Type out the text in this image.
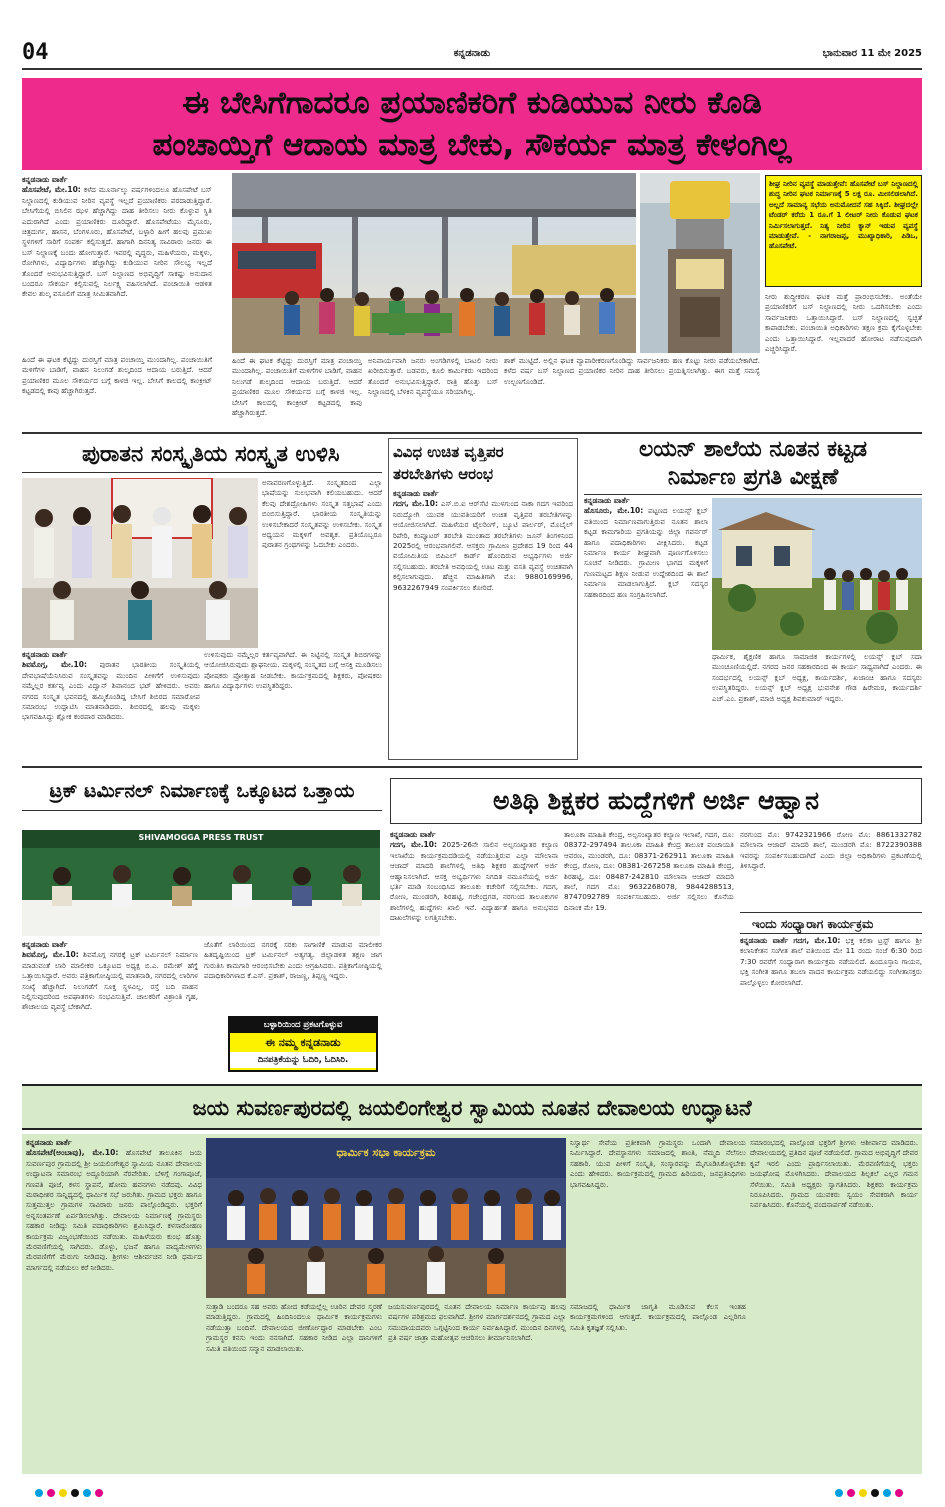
04	ಕನ್ನಡನಾಡು	ಭಾನುವಾರ 11 ಮೇ 2025
ಈ ಬೇಸಿಗೆಗಾದರೂ ಪ್ರಯಾಣಿಕರಿಗೆ ಕುಡಿಯುವ ನೀರು ಕೊಡಿ
ಪಂಚಾಯ್ತಿಗೆ ಆದಾಯ ಮಾತ್ರ ಬೇಕು, ಸೌಕರ್ಯ ಮಾತ್ರ ಕೇಳಂಗಿಲ್ಲ

ಕನ್ನಡನಾಡು ವಾರ್ತೆ
ಹೊಸಪೇಟೆ, ಮೇ.10: ಕಳೆದ ಮೂರ್ನಾಲ್ಕು ವರ್ಷಗಳಿಂದಲೂ ಹೊಸಪೇಟೆ ಬಸ್ ನಿಲ್ದಾಣದಲ್ಲಿ ಕುಡಿಯುವ ನೀರಿನ ವ್ಯವಸ್ಥೆ ಇಲ್ಲದೆ ಪ್ರಯಾಣಿಕರು ಪರದಾಡುತ್ತಿದ್ದಾರೆ. ಬೇಸಿಗೆಯಲ್ಲಿ ಬಿಸಿಲಿನ ಝಳ ಹೆಚ್ಚಾಗಿದ್ದು ದಾಹ ತೀರಿಸಲು ನೀರು ಕೊಳ್ಳುವ ಸ್ಥಿತಿ ಎದುರಾಗಿದೆ ಎಂದು ಪ್ರಯಾಣಿಕರು ದೂರಿದ್ದಾರೆ. ಹೊಸಪೇಟೆಯು ಮೈಸೂರು, ಚಿತ್ರದುರ್ಗ, ಹಾಸನ, ಬೆಂಗಳೂರು, ಹೊಸಪೇಟೆ, ಬಳ್ಳಾರಿ ಹೀಗೆ ಹಲವು ಪ್ರಮುಖ ಸ್ಥಳಗಳಿಗೆ ಸಾರಿಗೆ ಸಂಪರ್ಕ ಕಲ್ಪಿಸುತ್ತದೆ. ಹಾಗಾಗಿ ದಿನನಿತ್ಯ ಸಾವಿರಾರು ಜನರು ಈ ಬಸ್ ನಿಲ್ದಾಣಕ್ಕೆ ಬಂದು ಹೋಗುತ್ತಾರೆ. ಇವರಲ್ಲಿ ವೃದ್ಧರು, ಮಹಿಳೆಯರು, ಮಕ್ಕಳು, ರೋಗಿಗಳು, ವಿದ್ಯಾರ್ಥಿಗಳು ಹೆಚ್ಚಾಗಿದ್ದು ಕುಡಿಯುವ ನೀರಿನ ಸೌಲಭ್ಯ ಇಲ್ಲದೆ ತೊಂದರೆ ಅನುಭವಿಸುತ್ತಿದ್ದಾರೆ. ಬಸ್ ನಿಲ್ದಾಣದ ಅಭಿವೃದ್ಧಿಗೆ ಸಾಕಷ್ಟು ಅನುದಾನ ಬಂದರೂ ಸೌಕರ್ಯ ಕಲ್ಪಿಸುವಲ್ಲಿ ನಿರ್ಲಕ್ಷ್ಯ ವಹಿಸಲಾಗಿದೆ. ಪಂಚಾಯಿತಿ ಆಡಳಿತ ಕೇವಲ ಶುಲ್ಕ ವಸೂಲಿಗೆ ಮಾತ್ರ ಸೀಮಿತವಾಗಿದೆ.

ಶೀಘ್ರ ನೀರಿನ ವ್ಯವಸ್ಥೆ ಮಾಡುತ್ತೇವೆ: ಹೊಸಪೇಟೆ ಬಸ್ ನಿಲ್ದಾಣದಲ್ಲಿ ಶುದ್ಧ ನೀರಿನ ಘಟಕ ನಿರ್ಮಾಣಕ್ಕೆ 5 ಲಕ್ಷ ರೂ. ಮೀಸಲಿಡಲಾಗಿದೆ. ಅಲ್ಲದೆ ಸಾಮಾನ್ಯ ಸಭೆಯ ಅನುಮೋದನೆ ಸಹ ಸಿಕ್ಕಿದೆ. ಶೀಘ್ರದಲ್ಲೇ ಟೆಂಡರ್ ಕರೆದು 1 ರೂ.ಗೆ 1 ಲೀಟರ್ ನೀರು ಕೊಡುವ ಘಟಕ ನಿರ್ಮಿಸಲಾಗುತ್ತದೆ. ನಿತ್ಯ ನೀರಿನ ಕ್ಯಾನ್ ಇಡುವ ವ್ಯವಸ್ಥೆ ಮಾಡುತ್ತೇವೆ. - ನಾಗರಾಜಪ್ಪ, ಮುಖ್ಯಾಧಿಕಾರಿ, ಪಿಡಿಒ, ಹೊಸಪೇಟೆ.
ನೀರು ಶುದ್ಧೀಕರಣ ಘಟಕ ಮತ್ತೆ ಪ್ರಾರಂಭಿಸಬೇಕು. ಅಂತೆಯೇ ಪ್ರಯಾಣಿಕರಿಗೆ ಬಸ್ ನಿಲ್ದಾಣದಲ್ಲಿ ನೀರು ಒದಗಿಸಬೇಕು ಎಂದು ಸಾರ್ವಜನಿಕರು ಒತ್ತಾಯಿಸಿದ್ದಾರೆ. ಬಸ್ ನಿಲ್ದಾಣದಲ್ಲಿ ಸ್ವಚ್ಛತೆ ಕಾಪಾಡಬೇಕು. ಪಂಚಾಯಿತಿ ಅಧಿಕಾರಿಗಳು ತಕ್ಷಣ ಕ್ರಮ ಕೈಗೊಳ್ಳಬೇಕು ಎಂದು ಒತ್ತಾಯಿಸಿದ್ದಾರೆ. ಇಲ್ಲವಾದರೆ ಹೋರಾಟ ನಡೆಸುವುದಾಗಿ ಎಚ್ಚರಿಸಿದ್ದಾರೆ.
ಹಿಂದೆ ಈ ಘಟಕ ಕೆಟ್ಟಿದ್ದು ದುರಸ್ತಿಗೆ ಮಾತ್ರ ಪಂಚಾಯ್ತಿ ಮುಂದಾಗಿಲ್ಲ. ಪಂಚಾಯಿತಿಗೆ ಮಳಿಗೆಗಳ ಬಾಡಿಗೆ, ವಾಹನ ನಿಲುಗಡೆ ಶುಲ್ಕದಿಂದ ಆದಾಯ ಬರುತ್ತಿದೆ. ಆದರೆ ಪ್ರಯಾಣಿಕರ ಮೂಲ ಸೌಕರ್ಯದ ಬಗ್ಗೆ ಕಾಳಜಿ ಇಲ್ಲ. ಬೇಸಿಗೆ ಕಾಲದಲ್ಲಿ ಕಾಂಕ್ರೀಟ್ ಕಟ್ಟಡದಲ್ಲಿ ಕಾವು ಹೆಚ್ಚಾಗಿರುತ್ತದೆ.
ಹಿಂದೆ ಈ ಘಟಕ ಕೆಟ್ಟಿದ್ದು ದುರಸ್ತಿಗೆ ಮಾತ್ರ ಪಂಚಾಯ್ತಿ ಮುಂದಾಗಿಲ್ಲ. ಪಂಚಾಯಿತಿಗೆ ಮಳಿಗೆಗಳ ಬಾಡಿಗೆ, ವಾಹನ ನಿಲುಗಡೆ ಶುಲ್ಕದಿಂದ ಆದಾಯ ಬರುತ್ತಿದೆ. ಆದರೆ ಪ್ರಯಾಣಿಕರ ಮೂಲ ಸೌಕರ್ಯದ ಬಗ್ಗೆ ಕಾಳಜಿ ಇಲ್ಲ. ಬೇಸಿಗೆ ಕಾಲದಲ್ಲಿ ಕಾಂಕ್ರೀಟ್ ಕಟ್ಟಡದಲ್ಲಿ ಕಾವು ಹೆಚ್ಚಾಗಿರುತ್ತದೆ.
ಅನಿವಾರ್ಯವಾಗಿ ಜನರು ಅಂಗಡಿಗಳಲ್ಲಿ ಬಾಟಲಿ ನೀರು ಖರೀದಿಸುತ್ತಾರೆ. ಬಡವರು, ಕೂಲಿ ಕಾರ್ಮಿಕರು ಇದರಿಂದ ತೊಂದರೆ ಅನುಭವಿಸುತ್ತಿದ್ದಾರೆ. ರಾತ್ರಿ ಹೊತ್ತು ಬಸ್ ನಿಲ್ದಾಣದಲ್ಲಿ ಬೆಳಕಿನ ವ್ಯವಸ್ಥೆಯೂ ಸರಿಯಾಗಿಲ್ಲ.
ಶಾಕ್ ಮುಟ್ಟಿದೆ. ಅಲ್ಲಿನ ಘಟಕ ವ್ಯಾಪಾರೀಕರಣಗೊಂಡಿದ್ದು ಸಾರ್ವಜನಿಕರು ಹಣ ಕೊಟ್ಟು ನೀರು ಪಡೆಯಬೇಕಾಗಿದೆ. ಕಳೆದ ವರ್ಷ ಬಸ್ ನಿಲ್ದಾಣದ ಪ್ರಯಾಣಿಕರ ನೀರಿನ ದಾಹ ತೀರಿಸಲು ಪ್ರಯತ್ನಿಸಲಾಗಿತ್ತು. ಈಗ ಮತ್ತೆ ಸಮಸ್ಯೆ ಉಲ್ಬಣಗೊಂಡಿದೆ.
ಪುರಾತನ ಸಂಸ್ಕೃತಿಯ ಸಂಸ್ಕೃತ ಉಳಿಸಿ
ಅನಾವರಣಗೊಳ್ಳುತ್ತಿದೆ. ಸಂಸ್ಕೃತದಿಂದ ಎಲ್ಲಾ ಭಾಷೆಯನ್ನು ಸುಲಭವಾಗಿ ಕಲಿಯಬಹುದು. ಆದರೆ ಕೆಲವು ದೇಶದ್ರೋಹಿಗಳು ಸಂಸ್ಕೃತ ಸತ್ತಭಾಷೆ ಎಂದು ಬಿಂಬಿಸುತ್ತಿದ್ದಾರೆ. ಭಾರತೀಯ ಸಂಸ್ಕೃತಿಯನ್ನು ಉಳಿಸಬೇಕಾದರೆ ಸಂಸ್ಕೃತವನ್ನು ಉಳಿಸಬೇಕು. ಸಂಸ್ಕೃತ ಅಧ್ಯಯನ ಮಕ್ಕಳಿಗೆ ಅವಶ್ಯಕ. ಪ್ರತಿಯೊಬ್ಬರೂ ಪುರಾತನ ಗ್ರಂಥಗಳನ್ನು ಓದಬೇಕು ಎಂದರು.

ಕನ್ನಡನಾಡು ವಾರ್ತೆ
ಶಿವಮೊಗ್ಗ, ಮೇ.10: ಪುರಾತನ ಭಾರತೀಯ ಸಂಸ್ಕೃತಿಯಲ್ಲಿ ದೇವಭಾಷೆಯೆನಿಸಿರುವ ಸಂಸ್ಕೃತವನ್ನು ಮುಂದಿನ ಪೀಳಿಗೆಗೆ ಉಳಿಸುವುದು ನಮ್ಮೆಲ್ಲರ ಕರ್ತವ್ಯ ಎಂದು ವಿದ್ವಾನ್ ಶಿವಾನಂದ ಭಟ್ ಹೇಳಿದರು. ಅವರು ನಗರದ ಸಂಸ್ಕೃತ ಭವನದಲ್ಲಿ ಹಮ್ಮಿಕೊಂಡಿದ್ದ ಬೇಸಿಗೆ ಶಿಬಿರದ ಸಮಾರೋಪ ಸಮಾರಂಭ ಉದ್ಘಾಟಿಸಿ ಮಾತನಾಡಿದರು. ಶಿಬಿರದಲ್ಲಿ ಹಲವು ಮಕ್ಕಳು ಭಾಗವಹಿಸಿದ್ದು ಶ್ಲೋಕ ಕಂಠಪಾಠ ಮಾಡಿದರು.

ಉಳಿಸುವುದು ನಮ್ಮೆಲ್ಲರ ಕರ್ತವ್ಯವಾಗಿದೆ. ಈ ನಿಟ್ಟಿನಲ್ಲಿ ಸಂಸ್ಕೃತ ಶಿಬಿರಗಳನ್ನು ಆಯೋಜಿಸಿರುವುದು ಶ್ಲಾಘನೀಯ. ಮಕ್ಕಳಲ್ಲಿ ಸಂಸ್ಕೃತದ ಬಗ್ಗೆ ಆಸಕ್ತಿ ಮೂಡಿಸಲು ಪೋಷಕರು ಪ್ರೋತ್ಸಾಹ ನೀಡಬೇಕು. ಕಾರ್ಯಕ್ರಮದಲ್ಲಿ ಶಿಕ್ಷಕರು, ಪೋಷಕರು ಹಾಗೂ ವಿದ್ಯಾರ್ಥಿಗಳು ಉಪಸ್ಥಿತರಿದ್ದರು.
ವಿವಿಧ ಉಚಿತ ವೃತ್ತಿಪರ
ತರಬೇತಿಗಳು ಆರಂಭ

ಕನ್ನಡನಾಡು ವಾರ್ತೆ
ಗದಗ, ಮೇ.10: ಎಸ್.ಬಿ.ಐ ಆರ್‌ಸೆಟಿ ಮುಳಗುಂದ ನಾಕಾ ಗದಗ ಇವರಿಂದ ನಿರುದ್ಯೋಗಿ ಯುವಕ ಯುವತಿಯರಿಗೆ ಉಚಿತ ವೃತ್ತಿಪರ ತರಬೇತಿಗಳನ್ನು ಆಯೋಜಿಸಲಾಗಿದೆ. ಮಹಿಳೆಯರ ಟೈಲರಿಂಗ್, ಬ್ಯೂಟಿ ಪಾರ್ಲರ್, ಮೊಬೈಲ್ ರಿಪೇರಿ, ಕಂಪ್ಯೂಟರ್ ತರಬೇತಿ ಮುಂತಾದ ತರಬೇತಿಗಳು ಜೂನ್ ತಿಂಗಳಿನಿಂದ 2025ರಲ್ಲಿ ಆರಂಭವಾಗಲಿವೆ. ಆಸಕ್ತರು ಗ್ರಾಮೀಣ ಪ್ರದೇಶದ 19 ರಿಂದ 44 ವಯೋಮಿತಿಯ ಬಿಪಿಎಲ್ ಕಾರ್ಡ್ ಹೊಂದಿರುವ ಅಭ್ಯರ್ಥಿಗಳು ಅರ್ಜಿ ಸಲ್ಲಿಸಬಹುದು. ತರಬೇತಿ ಅವಧಿಯಲ್ಲಿ ಊಟ ಮತ್ತು ವಸತಿ ವ್ಯವಸ್ಥೆ ಉಚಿತವಾಗಿ ಕಲ್ಪಿಸಲಾಗುವುದು. ಹೆಚ್ಚಿನ ಮಾಹಿತಿಗಾಗಿ ಮೊ: 9880169996, 9632267949 ಸಂಪರ್ಕಿಸಲು ಕೋರಿದೆ.

ಲಯನ್ ಶಾಲೆಯ ನೂತನ ಕಟ್ಟಡ
ನಿರ್ಮಾಣ ಪ್ರಗತಿ ವೀಕ್ಷಣೆ

ಕನ್ನಡನಾಡು ವಾರ್ತೆ
ಹೊಸೂರು, ಮೇ.10: ಪಟ್ಟಣದ ಲಯನ್ಸ್ ಕ್ಲಬ್ ವತಿಯಿಂದ ನಿರ್ಮಾಣವಾಗುತ್ತಿರುವ ನೂತನ ಶಾಲಾ ಕಟ್ಟಡ ಕಾಮಗಾರಿಯ ಪ್ರಗತಿಯನ್ನು ಜಿಲ್ಲಾ ಗವರ್ನರ್ ಹಾಗೂ ಪದಾಧಿಕಾರಿಗಳು ವೀಕ್ಷಿಸಿದರು. ಕಟ್ಟಡ ನಿರ್ಮಾಣ ಕಾರ್ಯ ಶೀಘ್ರವಾಗಿ ಪೂರ್ಣಗೊಳಿಸಲು ಸೂಚನೆ ನೀಡಿದರು. ಗ್ರಾಮೀಣ ಭಾಗದ ಮಕ್ಕಳಿಗೆ ಗುಣಮಟ್ಟದ ಶಿಕ್ಷಣ ನೀಡುವ ಉದ್ದೇಶದಿಂದ ಈ ಶಾಲೆ ನಿರ್ಮಾಣ ಮಾಡಲಾಗುತ್ತಿದೆ. ಕ್ಲಬ್ ಸದಸ್ಯರ ಸಹಕಾರದಿಂದ ಹಣ ಸಂಗ್ರಹಿಸಲಾಗಿದೆ.

ಧಾರ್ಮಿಕ, ಶೈಕ್ಷಣಿಕ ಹಾಗೂ ಸಾಮಾಜಿಕ ಕಾರ್ಯಗಳಲ್ಲಿ ಲಯನ್ಸ್ ಕ್ಲಬ್ ಸದಾ ಮುಂಚೂಣಿಯಲ್ಲಿದೆ. ನಗರದ ಜನರ ಸಹಕಾರದಿಂದ ಈ ಕಾರ್ಯ ಸಾಧ್ಯವಾಗಿದೆ ಎಂದರು. ಈ ಸಂದರ್ಭದಲ್ಲಿ ಲಯನ್ಸ್ ಕ್ಲಬ್ ಅಧ್ಯಕ್ಷ, ಕಾರ್ಯದರ್ಶಿ, ಖಜಾಂಚಿ ಹಾಗೂ ಸದಸ್ಯರು ಉಪಸ್ಥಿತರಿದ್ದರು. ಲಯನ್ಸ್ ಕ್ಲಬ್ ಅಧ್ಯಕ್ಷ ಭುವನೇಶ ಗೌಡ ಹಿರೇಮಠ, ಕಾರ್ಯದರ್ಶಿ ಎಚ್.ಎಂ. ಪ್ರಕಾಶ್, ಮಾಜಿ ಅಧ್ಯಕ್ಷ ಶಿವಕುಮಾರ್ ಇದ್ದರು.
ಟ್ರಕ್ ಟರ್ಮಿನಲ್ ನಿರ್ಮಾಣಕ್ಕೆ ಒಕ್ಕೂಟದ ಒತ್ತಾಯ
SHIVAMOGGA PRESS TRUST

ಕನ್ನಡನಾಡು ವಾರ್ತೆ
ಶಿವಮೊಗ್ಗ, ಮೇ.10: ಶಿವಮೊಗ್ಗ ನಗರಕ್ಕೆ ಟ್ರಕ್ ಟರ್ಮಿನಲ್ ನಿರ್ಮಾಣ ಮಾಡುವಂತೆ ಲಾರಿ ಮಾಲೀಕರ ಒಕ್ಕೂಟದ ಅಧ್ಯಕ್ಷ ಬಿ.ಎ. ರಮೇಶ್ ಹೆಗ್ಡೆ ಒತ್ತಾಯಿಸಿದ್ದಾರೆ. ಅವರು ಪತ್ರಿಕಾಗೋಷ್ಠಿಯಲ್ಲಿ ಮಾತನಾಡಿ, ನಗರದಲ್ಲಿ ಲಾರಿಗಳ ಸಂಖ್ಯೆ ಹೆಚ್ಚಾಗಿದೆ. ನಿಲುಗಡೆಗೆ ಸೂಕ್ತ ಸ್ಥಳವಿಲ್ಲ. ರಸ್ತೆ ಬದಿ ವಾಹನ ನಿಲ್ಲಿಸುವುದರಿಂದ ಅಪಘಾತಗಳು ಸಂಭವಿಸುತ್ತಿವೆ. ಚಾಲಕರಿಗೆ ವಿಶ್ರಾಂತಿ ಗೃಹ, ಶೌಚಾಲಯ ವ್ಯವಸ್ಥೆ ಬೇಕಾಗಿದೆ.

ಜೊತೆಗೆ ಲಾರಿಯಿಂದ ನಗರಕ್ಕೆ ಸರಕು ಸಾಗಾಣಿಕೆ ಮಾಡುವ ಮಾಲೀಕರ ಹಿತದೃಷ್ಟಿಯಿಂದ ಟ್ರಕ್ ಟರ್ಮಿನಲ್ ಅತ್ಯಗತ್ಯ. ಜಿಲ್ಲಾಡಳಿತ ತಕ್ಷಣ ಜಾಗ ಗುರುತಿಸಿ ಕಾಮಗಾರಿ ಆರಂಭಿಸಬೇಕು ಎಂದು ಆಗ್ರಹಿಸಿದರು. ಪತ್ರಿಕಾಗೋಷ್ಠಿಯಲ್ಲಿ ಪದಾಧಿಕಾರಿಗಳಾದ ಕೆ.ಎಸ್. ಪ್ರಕಾಶ್, ರಾಜಣ್ಣ, ತಿಪ್ಪಣ್ಣ ಇದ್ದರು.
ಬಳ್ಳಾರಿಯಿಂದ ಪ್ರಕಟಗೊಳ್ಳುವ
ಈ ನಮ್ಮ ಕನ್ನಡನಾಡು
ದಿನಪತ್ರಿಕೆಯನ್ನು ಓದಿರಿ, ಓದಿಸಿರಿ.
ಅತಿಥಿ ಶಿಕ್ಷಕರ ಹುದ್ದೆಗಳಿಗೆ ಅರ್ಜಿ ಆಹ್ವಾನ

ಕನ್ನಡನಾಡು ವಾರ್ತೆ
ಗದಗ, ಮೇ.10: 2025-26ನೇ ಸಾಲಿನ ಅಲ್ಪಸಂಖ್ಯಾತರ ಕಲ್ಯಾಣ ಇಲಾಖೆಯ ಕಾರ್ಯಕ್ರಮದಡಿಯಲ್ಲಿ ನಡೆಯುತ್ತಿರುವ ಎಲ್ಲಾ ಮೌಲಾನಾ ಆಜಾದ್ ಮಾದರಿ ಶಾಲೆಗಳಲ್ಲಿ ಅತಿಥಿ ಶಿಕ್ಷಕರ ಹುದ್ದೆಗಳಿಗೆ ಅರ್ಜಿ ಆಹ್ವಾನಿಸಲಾಗಿದೆ. ಆಸಕ್ತ ಅಭ್ಯರ್ಥಿಗಳು ನಿಗದಿತ ನಮೂನೆಯಲ್ಲಿ ಅರ್ಜಿ ಭರ್ತಿ ಮಾಡಿ ಸಂಬಂಧಿಸಿದ ತಾಲೂಕು ಕಚೇರಿಗೆ ಸಲ್ಲಿಸಬೇಕು. ಗದಗ, ರೋಣ, ಮುಂಡರಗಿ, ಶಿರಹಟ್ಟಿ, ಗಜೇಂದ್ರಗಡ, ನರಗುಂದ ತಾಲೂಕುಗಳ ಶಾಲೆಗಳಲ್ಲಿ ಹುದ್ದೆಗಳು ಖಾಲಿ ಇವೆ. ವಿದ್ಯಾರ್ಹತೆ ಹಾಗೂ ಅನುಭವದ ದಾಖಲೆಗಳನ್ನು ಲಗತ್ತಿಸಬೇಕು.

ತಾಲೂಕಾ ಮಾಹಿತಿ ಕೇಂದ್ರ, ಅಲ್ಪಸಂಖ್ಯಾತರ ಕಲ್ಯಾಣ ಇಲಾಖೆ, ಗದಗ, ದೂ: 08372-297494 ತಾಲೂಕಾ ಮಾಹಿತಿ ಕೇಂದ್ರ ತಾಲೂಕ ಪಂಚಾಯತಿ ಆವರಣ, ಮುಂಡರಗಿ, ದೂ: 08371-262911 ತಾಲೂಕಾ ಮಾಹಿತಿ ಕೇಂದ್ರ, ರೋಣ, ದೂ: 08381-267258 ತಾಲೂಕಾ ಮಾಹಿತಿ ಕೇಂದ್ರ, ಶಿರಹಟ್ಟಿ, ದೂ: 08487-242810 ಮೌಲಾನಾ ಆಜಾದ್ ಮಾದರಿ ಶಾಲೆ, ಗದಗ ಮೊ: 9632268078, 9844288513, 8747092789 ಸಂಪರ್ಕಿಸಬಹುದು. ಅರ್ಜಿ ಸಲ್ಲಿಸಲು ಕೊನೆಯ ದಿನಾಂಕ ಮೇ 19.
ನರಗುಂದ ಮೊ: 9742321966 ರೋಣ ಮೊ: 8861332782 ಮೌಲಾನಾ ಆಜಾದ್ ಮಾದರಿ ಶಾಲೆ, ಮುಂಡರಗಿ ಮೊ: 8722390388 ಇವರನ್ನು ಸಂಪರ್ಕಿಸಬಹುದಾಗಿದೆ ಎಂದು ಜಿಲ್ಲಾ ಅಧಿಕಾರಿಗಳು ಪ್ರಕಟಣೆಯಲ್ಲಿ ತಿಳಿಸಿದ್ದಾರೆ.
ಇಂದು ಸಂಧ್ಯಾರಾಗ ಕಾರ್ಯಕ್ರಮ

ಕನ್ನಡನಾಡು ವಾರ್ತೆ ಗದಗ, ಮೇ.10: ಭಕ್ತ ಕಲಿಕಾ ಟ್ರಸ್ಟ್ ಹಾಗೂ ಶ್ರೀ ಕಲಾನಿಕೇತನ ಸಂಗೀತ ಶಾಲೆ ವತಿಯಿಂದ ಮೇ 11 ರಂದು ಸಂಜೆ 6:30 ರಿಂದ 7:30 ರವರೆಗೆ ಸಂಧ್ಯಾರಾಗ ಕಾರ್ಯಕ್ರಮ ನಡೆಯಲಿದೆ. ಹಿಂದೂಸ್ತಾನಿ ಗಾಯನ, ಭಕ್ತಿ ಸಂಗೀತ ಹಾಗೂ ತಬಲಾ ವಾದನ ಕಾರ್ಯಕ್ರಮ ನಡೆಯಲಿದ್ದು ಸಂಗೀತಾಸಕ್ತರು ಪಾಲ್ಗೊಳ್ಳಲು ಕೋರಲಾಗಿದೆ.

ಜಯ ಸುವರ್ಣಪುರದಲ್ಲಿ ಜಯಲಿಂಗೇಶ್ವರ ಸ್ವಾಮಿಯ ನೂತನ ದೇವಾಲಯ ಉದ್ಘಾಟನೆ

ಕನ್ನಡನಾಡು ವಾರ್ತೆ
ಹೊಸಪೇಟೆ(ಅಂಬಾವು), ಮೇ.10: ಹೊಸಪೇಟೆ ತಾಲೂಕಿನ ಜಯ ಸುವರ್ಣಪುರ ಗ್ರಾಮದಲ್ಲಿ ಶ್ರೀ ಜಯಲಿಂಗೇಶ್ವರ ಸ್ವಾಮಿಯ ನೂತನ ದೇವಾಲಯ ಉದ್ಘಾಟನಾ ಸಮಾರಂಭ ಅದ್ದೂರಿಯಾಗಿ ನೆರವೇರಿತು. ಬೆಳಿಗ್ಗೆ ಗಂಗಾಪೂಜೆ, ಗಣಪತಿ ಪೂಜೆ, ಕಳಸ ಸ್ಥಾಪನೆ, ಹೋಮ ಹವನಗಳು ನಡೆದವು. ವಿವಿಧ ಮಠಾಧೀಶರ ಸಾನ್ನಿಧ್ಯದಲ್ಲಿ ಧಾರ್ಮಿಕ ಸಭೆ ಜರುಗಿತು. ಗ್ರಾಮದ ಭಕ್ತರು ಹಾಗೂ ಸುತ್ತಮುತ್ತಲ ಗ್ರಾಮಗಳ ಸಾವಿರಾರು ಜನರು ಪಾಲ್ಗೊಂಡಿದ್ದರು. ಭಕ್ತರಿಗೆ ಅನ್ನಸಂತರ್ಪಣೆ ಏರ್ಪಡಿಸಲಾಗಿತ್ತು. ದೇವಾಲಯ ನಿರ್ಮಾಣಕ್ಕೆ ಗ್ರಾಮಸ್ಥರು ಸಹಕಾರ ನೀಡಿದ್ದು ಸಮಿತಿ ಪದಾಧಿಕಾರಿಗಳು ಶ್ರಮಿಸಿದ್ದಾರೆ. ಕಳಸಾರೋಹಣ ಕಾರ್ಯಕ್ರಮ ವಿಜೃಂಭಣೆಯಿಂದ ನಡೆಯಿತು. ಮಹಿಳೆಯರು ಕುಂಭ ಹೊತ್ತು ಮೆರವಣಿಗೆಯಲ್ಲಿ ಸಾಗಿದರು. ಡೊಳ್ಳು, ಭಜನೆ ಹಾಗೂ ವಾದ್ಯಮೇಳಗಳು ಮೆರವಣಿಗೆಗೆ ಮೆರುಗು ನೀಡಿದವು. ಶ್ರೀಗಳು ಆಶೀರ್ವಚನ ನೀಡಿ ಧರ್ಮದ ಮಾರ್ಗದಲ್ಲಿ ನಡೆಯಲು ಕರೆ ನೀಡಿದರು.

ಧಾರ್ಮಿಕ ಸಭಾ ಕಾರ್ಯಕ್ರಮ
ನಿಸ್ವಾರ್ಥ ಸೇವೆಯ ಪ್ರತೀಕವಾಗಿ ಗ್ರಾಮಸ್ಥರು ಒಂದಾಗಿ ದೇವಾಲಯ ನಿರ್ಮಿಸಿದ್ದಾರೆ. ದೇವಸ್ಥಾನಗಳು ಸಮಾಜದಲ್ಲಿ ಶಾಂತಿ, ನೆಮ್ಮದಿ ನೆಲೆಸಲು ಸಹಕಾರಿ. ಯುವ ಪೀಳಿಗೆ ಸಂಸ್ಕೃತಿ, ಸಂಸ್ಕಾರವನ್ನು ಮೈಗೂಡಿಸಿಕೊಳ್ಳಬೇಕು ಎಂದು ಹೇಳಿದರು. ಕಾರ್ಯಕ್ರಮದಲ್ಲಿ ಗ್ರಾಮದ ಹಿರಿಯರು, ಜನಪ್ರತಿನಿಧಿಗಳು ಭಾಗವಹಿಸಿದ್ದರು.
ಸುತ್ತಾಡಿ ಬಂದರೂ ಸಹ ಅವರು ಹೋದ ಕಡೆಯಲ್ಲೆಲ್ಲ ಊರಿನ ದೇವರ ಸ್ಮರಣೆ ಮಾಡುತ್ತಿದ್ದರು. ಗ್ರಾಮದಲ್ಲಿ ಹಿಂದಿನಿಂದಲೂ ಧಾರ್ಮಿಕ ಕಾರ್ಯಕ್ರಮಗಳು ನಡೆಯುತ್ತಾ ಬಂದಿವೆ. ದೇವಾಲಯದ ಜೀರ್ಣೋದ್ಧಾರ ಮಾಡಬೇಕು ಎಂಬ ಗ್ರಾಮಸ್ಥರ ಕನಸು ಇಂದು ನನಸಾಗಿದೆ. ಸಹಕಾರ ನೀಡಿದ ಎಲ್ಲಾ ದಾನಿಗಳಿಗೆ ಸಮಿತಿ ವತಿಯಿಂದ ಸನ್ಮಾನ ಮಾಡಲಾಯಿತು.
ಜಯಸುವರ್ಣಪುರದಲ್ಲಿ ನೂತನ ದೇವಾಲಯ ನಿರ್ಮಾಣ ಕಾರ್ಯವು ಹಲವು ವರ್ಷಗಳ ಪರಿಶ್ರಮದ ಫಲವಾಗಿದೆ. ಶ್ರೀಗಳ ಮಾರ್ಗದರ್ಶನದಲ್ಲಿ ಗ್ರಾಮದ ಎಲ್ಲಾ ಸಮುದಾಯದವರು ಒಗ್ಗಟ್ಟಿನಿಂದ ಕಾರ್ಯ ನಿರ್ವಹಿಸಿದ್ದಾರೆ. ಮುಂದಿನ ದಿನಗಳಲ್ಲಿ ಪ್ರತಿ ವರ್ಷ ಜಾತ್ರಾ ಮಹೋತ್ಸವ ಆಚರಿಸಲು ತೀರ್ಮಾನಿಸಲಾಗಿದೆ.
ಸಮಾಜದಲ್ಲಿ ಧಾರ್ಮಿಕ ಜಾಗೃತಿ ಮೂಡಿಸುವ ಕೆಲಸ ಇಂತಹ ಕಾರ್ಯಕ್ರಮಗಳಿಂದ ಆಗುತ್ತದೆ. ಕಾರ್ಯಕ್ರಮದಲ್ಲಿ ಪಾಲ್ಗೊಂಡ ಎಲ್ಲರಿಗೂ ಸಮಿತಿ ಕೃತಜ್ಞತೆ ಸಲ್ಲಿಸಿತು.
ಸಮಾರಂಭದಲ್ಲಿ ಪಾಲ್ಗೊಂಡ ಭಕ್ತರಿಗೆ ಶ್ರೀಗಳು ಆಶೀರ್ವಾದ ಮಾಡಿದರು. ದೇವಾಲಯದಲ್ಲಿ ಪ್ರತಿದಿನ ಪೂಜೆ ನಡೆಯಲಿದೆ. ಗ್ರಾಮದ ಅಭಿವೃದ್ಧಿಗೆ ದೇವರ ಕೃಪೆ ಇರಲಿ ಎಂದು ಪ್ರಾರ್ಥಿಸಲಾಯಿತು. ಮೆರವಣಿಗೆಯಲ್ಲಿ ಭಕ್ತರು ಜಯಘೋಷ ಮೊಳಗಿಸಿದರು. ದೇವಾಲಯದ ಶಿಲ್ಪಕಲೆ ಎಲ್ಲರ ಗಮನ ಸೆಳೆಯಿತು. ಸಮಿತಿ ಅಧ್ಯಕ್ಷರು ಸ್ವಾಗತಿಸಿದರು. ಶಿಕ್ಷಕರು ಕಾರ್ಯಕ್ರಮ ನಿರೂಪಿಸಿದರು. ಗ್ರಾಮದ ಯುವಕರು ಸ್ವಯಂ ಸೇವಕರಾಗಿ ಕಾರ್ಯ ನಿರ್ವಹಿಸಿದರು. ಕೊನೆಯಲ್ಲಿ ವಂದನಾರ್ಪಣೆ ನಡೆಯಿತು.
